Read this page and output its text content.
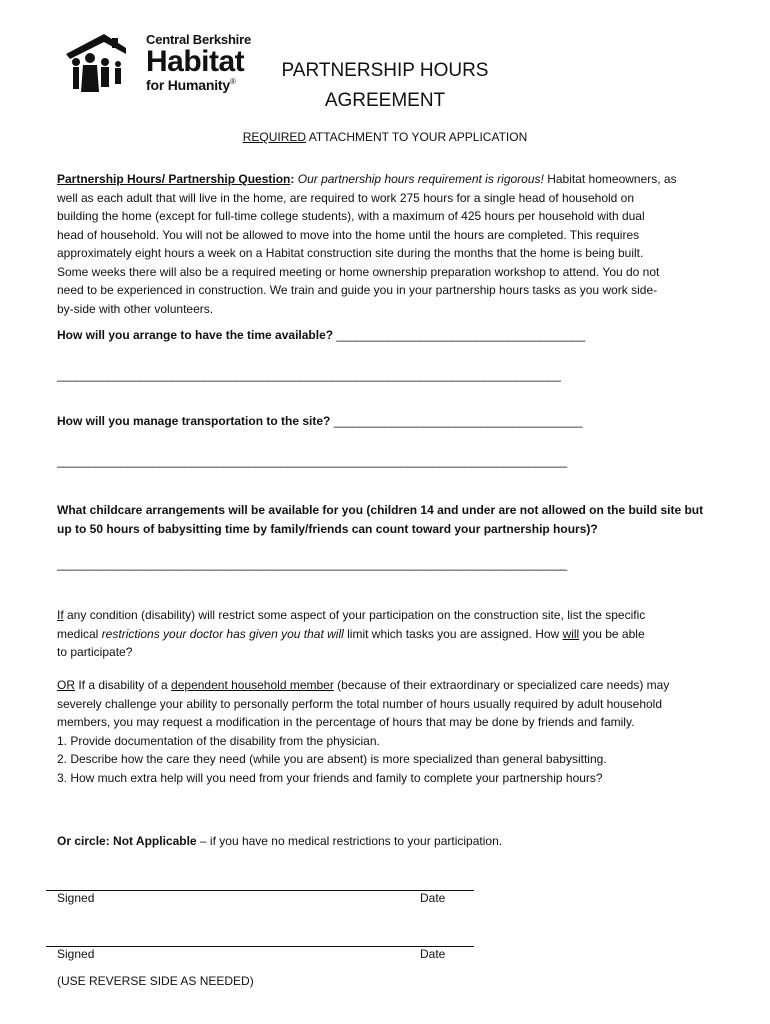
Central Berkshire
Habitat
for Humanity®
PARTNERSHIP HOURS
AGREEMENT
REQUIRED ATTACHMENT TO YOUR APPLICATION
Partnership Hours/ Partnership Question: Our partnership hours requirement is rigorous! Habitat homeowners, as
well as each adult that will live in the home, are required to work 275 hours for a single head of household on
building the home (except for full-time college students), with a maximum of 425 hours per household with dual
head of household. You will not be allowed to move into the home until the hours are completed. This requires
approximately eight hours a week on a Habitat construction site during the months that the home is being built.
Some weeks there will also be a required meeting or home ownership preparation workshop to attend. You do not
need to be experienced in construction. We train and guide you in your partnership hours tasks as you work side-
by-side with other volunteers.
How will you arrange to have the time available? _______________________________________
_______________________________________________________________________________
How will you manage transportation to the site? _______________________________________
________________________________________________________________________________
What childcare arrangements will be available for you (children 14 and under are not allowed on the build site but
up to 50 hours of babysitting time by family/friends can count toward your partnership hours)?
________________________________________________________________________________
If any condition (disability) will restrict some aspect of your participation on the construction site, list the specific
medical restrictions your doctor has given you that will limit which tasks you are assigned. How will you be able
to participate?
OR If a disability of a dependent household member (because of their extraordinary or specialized care needs) may
severely challenge your ability to personally perform the total number of hours usually required by adult household
members, you may request a modification in the percentage of hours that may be done by friends and family.
1. Provide documentation of the disability from the physician.
2. Describe how the care they need (while you are absent) is more specialized than general babysitting.
3. How much extra help will you need from your friends and family to complete your partnership hours?
Or circle: Not Applicable – if you have no medical restrictions to your participation.
Signed	Date
Signed	Date
(USE REVERSE SIDE AS NEEDED)
